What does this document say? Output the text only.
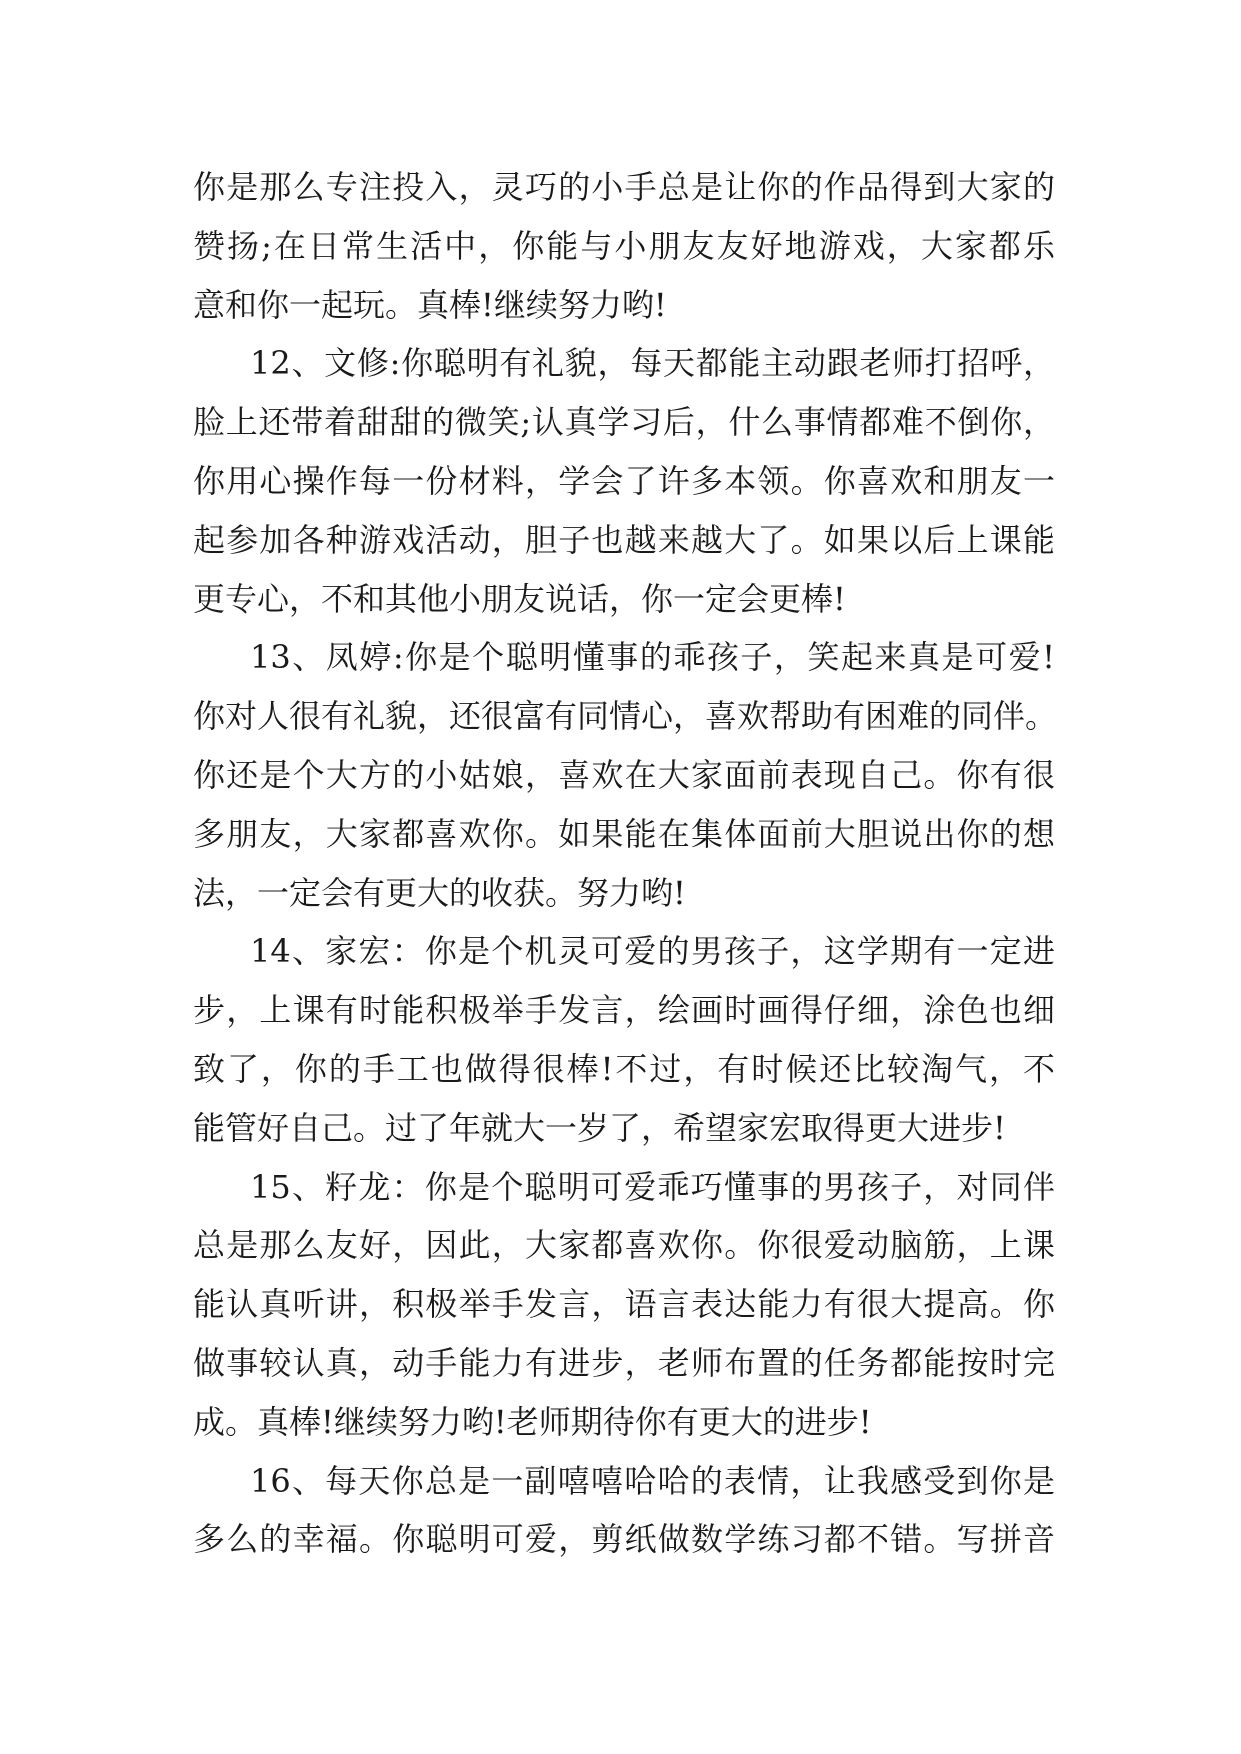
你是那么专注投入，灵巧的小手总是让你的作品得到大家的
赞扬;在日常生活中，你能与小朋友友好地游戏，大家都乐
意和你一起玩。真棒!继续努力哟!
12、文修:你聪明有礼貌，每天都能主动跟老师打招呼，
脸上还带着甜甜的微笑;认真学习后，什么事情都难不倒你，
你用心操作每一份材料，学会了许多本领。你喜欢和朋友一
起参加各种游戏活动，胆子也越来越大了。如果以后上课能
更专心，不和其他小朋友说话，你一定会更棒!
13、凤婷:你是个聪明懂事的乖孩子，笑起来真是可爱!
你对人很有礼貌，还很富有同情心，喜欢帮助有困难的同伴。
你还是个大方的小姑娘，喜欢在大家面前表现自己。你有很
多朋友，大家都喜欢你。如果能在集体面前大胆说出你的想
法，一定会有更大的收获。努力哟!
14、家宏：你是个机灵可爱的男孩子，这学期有一定进
步，上课有时能积极举手发言，绘画时画得仔细，涂色也细
致了，你的手工也做得很棒!不过，有时候还比较淘气，不
能管好自己。过了年就大一岁了，希望家宏取得更大进步!
15、籽龙：你是个聪明可爱乖巧懂事的男孩子，对同伴
总是那么友好，因此，大家都喜欢你。你很爱动脑筋，上课
能认真听讲，积极举手发言，语言表达能力有很大提高。你
做事较认真，动手能力有进步，老师布置的任务都能按时完
成。真棒!继续努力哟!老师期待你有更大的进步!
16、每天你总是一副嘻嘻哈哈的表情，让我感受到你是
多么的幸福。你聪明可爱，剪纸做数学练习都不错。写拼音
